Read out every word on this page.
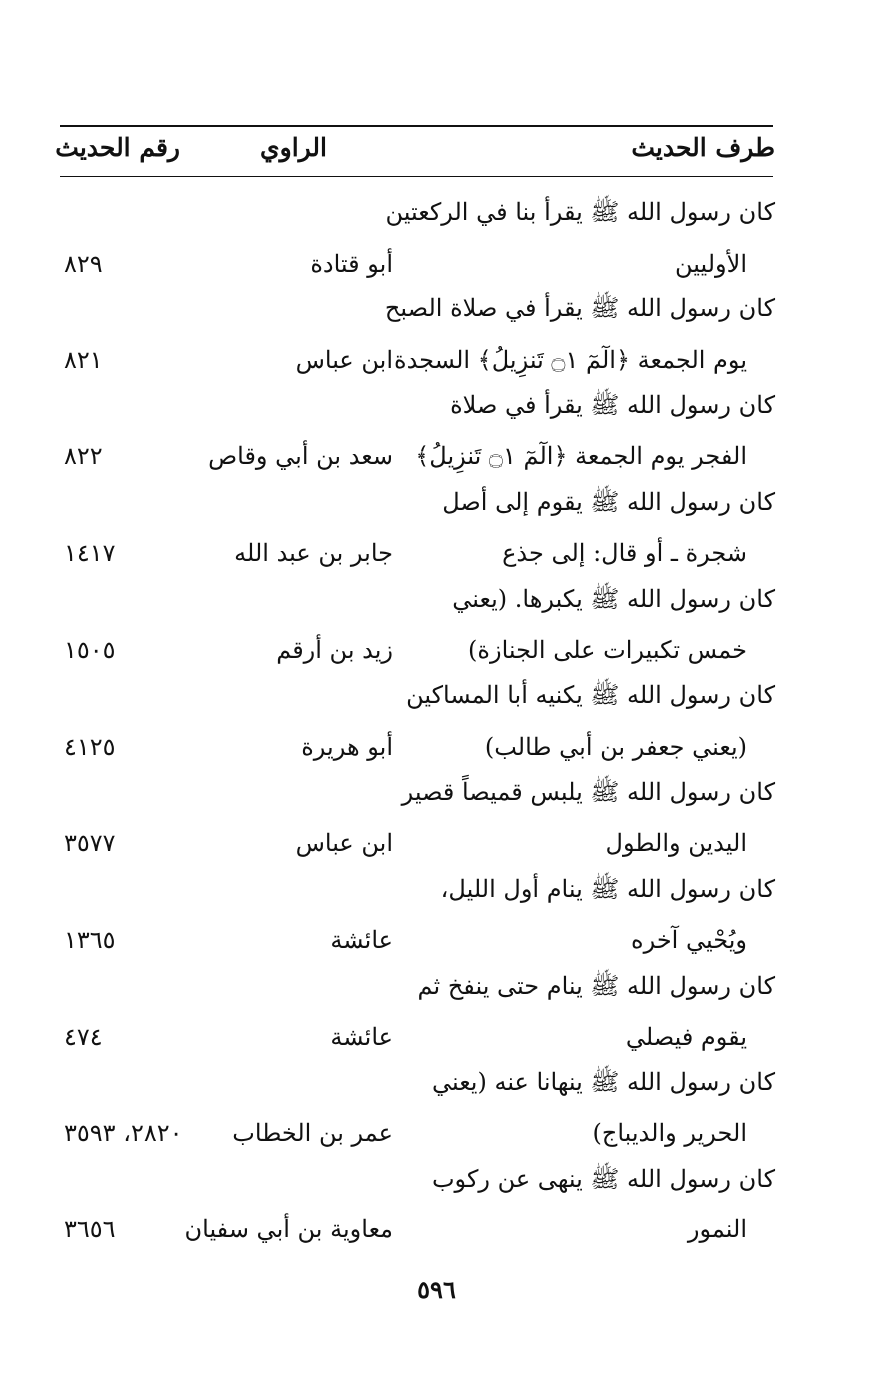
طرف الحديث
الراوي
رقم الحديث
كان رسول الله ﷺ يقرأ بنا في الركعتين
الأوليين
أبو قتادة
٨٢٩
كان رسول الله ﷺ يقرأ في صلاة الصبح
يوم الجمعة ﴿الٓمٓ ۝١ تَنزِيلُ﴾ السجدة
ابن عباس
٨٢١
كان رسول الله ﷺ يقرأ في صلاة
الفجر يوم الجمعة ﴿الٓمٓ ۝١ تَنزِيلُ﴾
سعد بن أبي وقاص
٨٢٢
كان رسول الله ﷺ يقوم إلى أصل
شجرة ـ أو قال: إلى جذع
جابر بن عبد الله
١٤١٧
كان رسول الله ﷺ يكبرها. (يعني
خمس تكبيرات على الجنازة)
زيد بن أرقم
١٥٠٥
كان رسول الله ﷺ يكنيه أبا المساكين
(يعني جعفر بن أبي طالب)
أبو هريرة
٤١٢٥
كان رسول الله ﷺ يلبس قميصاً قصير
اليدين والطول
ابن عباس
٣٥٧٧
كان رسول الله ﷺ ينام أول الليل،
ويُحْيي آخره
عائشة
١٣٦٥
كان رسول الله ﷺ ينام حتى ينفخ ثم
يقوم فيصلي
عائشة
٤٧٤
كان رسول الله ﷺ ينهانا عنه (يعني
الحرير والديباج)
عمر بن الخطاب
٢٨٢٠، ٣٥٩٣
كان رسول الله ﷺ ينهى عن ركوب
النمور
معاوية بن أبي سفيان
٣٦٥٦
٥٩٦
